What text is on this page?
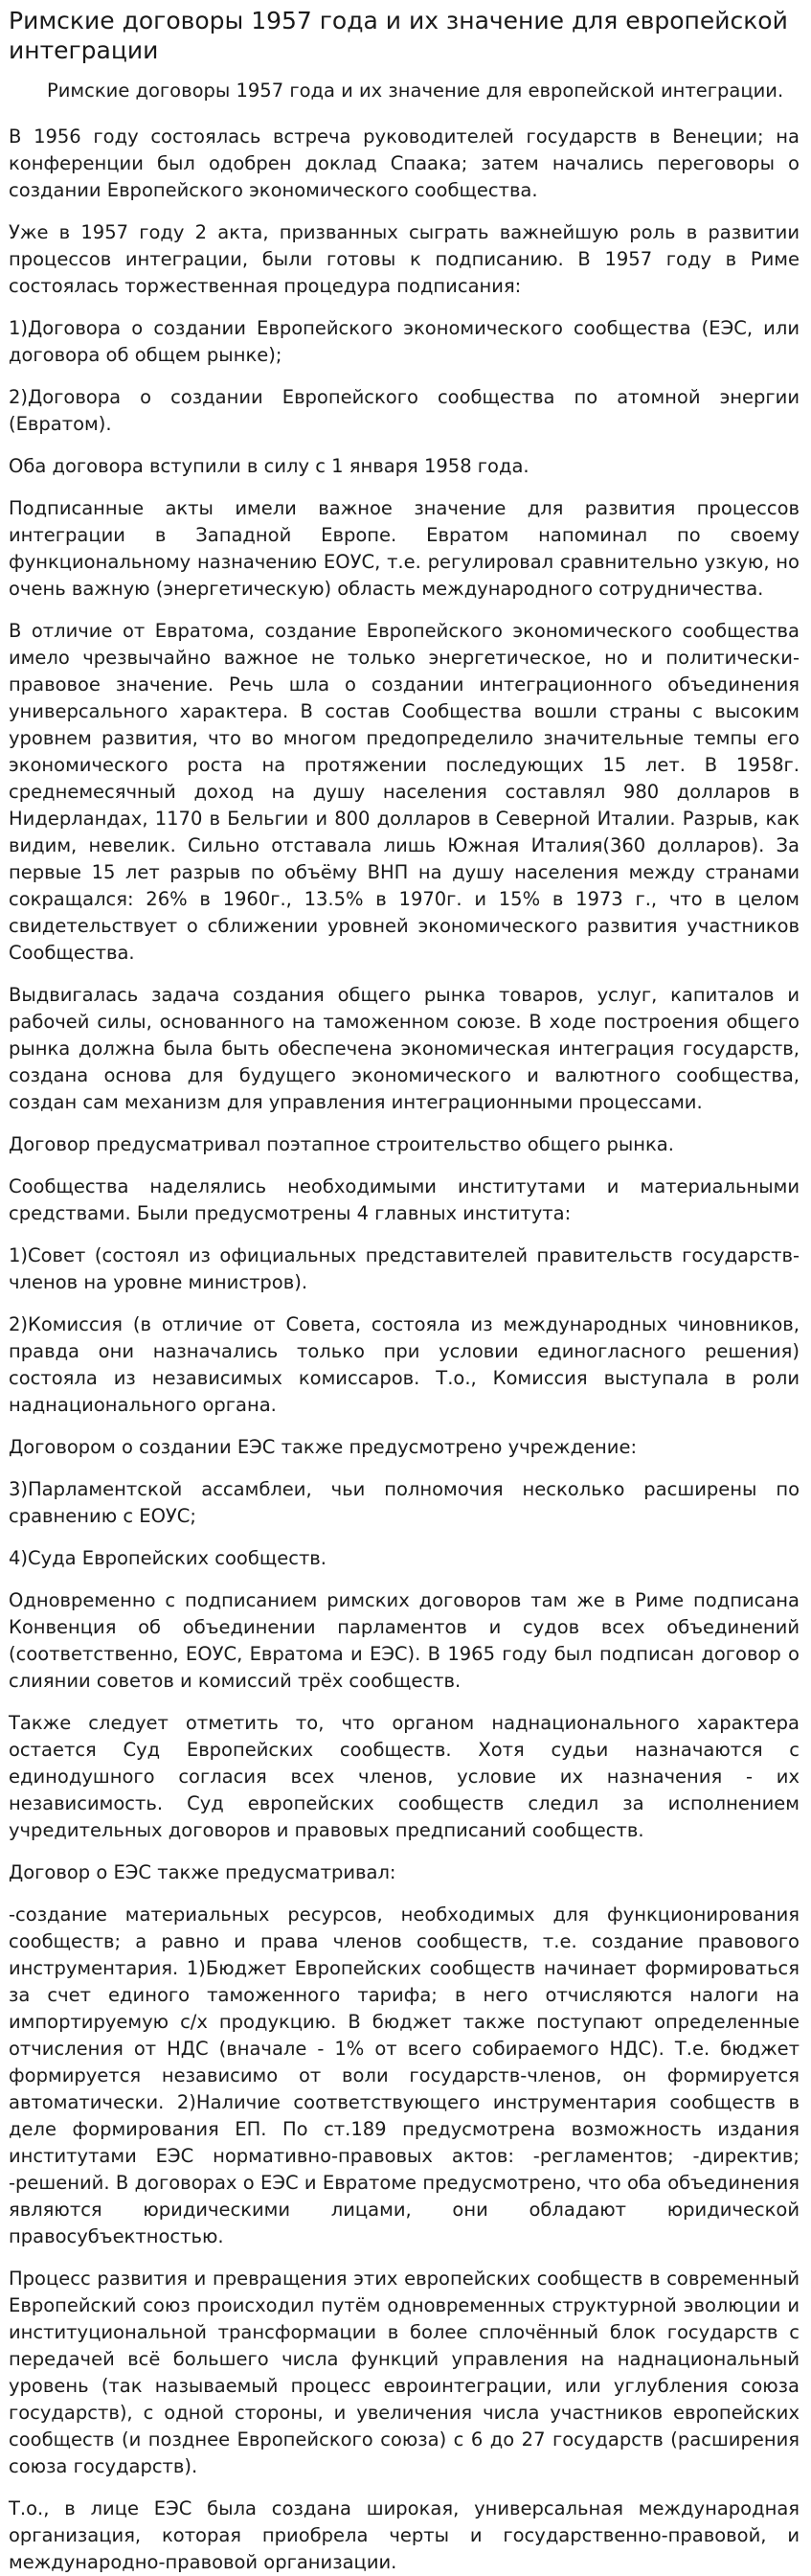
Римские договоры 1957 года и их значение для европейской интеграции

Римские договоры 1957 года и их значение для европейской интеграции.

В 1956 году состоялась встреча руководителей государств в Венеции; на конференции был одобрен доклад Спаака; затем начались переговоры о создании Европейского экономического сообщества.

Уже в 1957 году 2 акта, призванных сыграть важнейшую роль в развитии процессов интеграции, были готовы к подписанию. В 1957 году в Риме состоялась торжественная процедура подписания:

1)Договора о создании Европейского экономического сообщества (ЕЭС, или договора об общем рынке);

2)Договора о создании Европейского сообщества по атомной энергии (Евратом).

Оба договора вступили в силу с 1 января 1958 года.

Подписанные акты имели важное значение для развития процессов интеграции в Западной Европе. Евратом напоминал по своему функциональному назначению ЕОУС, т.е. регулировал сравнительно узкую, но очень важную (энергетическую) область международного сотрудничества.

В отличие от Евратома, создание Европейского экономического сообщества имело чрезвычайно важное не только энергетическое, но и политически-правовое значение. Речь шла о создании интеграционного объединения универсального характера. В состав Сообщества вошли страны с высоким уровнем развития, что во многом предопределило значительные темпы его экономического роста на протяжении последующих 15 лет. В 1958г. среднемесячный доход на душу населения составлял 980 долларов в Нидерландах, 1170 в Бельгии и 800 долларов в Северной Италии. Разрыв, как видим, невелик. Сильно отставала лишь Южная Италия(360 долларов). За первые 15 лет разрыв по объёму ВНП на душу населения между странами сокращался: 26% в 1960г., 13.5% в 1970г. и 15% в 1973 г., что в целом свидетельствует о сближении уровней экономического развития участников Сообщества.

Выдвигалась задача создания общего рынка товаров, услуг, капиталов и рабочей силы, основанного на таможенном союзе. В ходе построения общего рынка должна была быть обеспечена экономическая интеграция государств, создана основа для будущего экономического и валютного сообщества, создан сам механизм для управления интеграционными процессами.

Договор предусматривал поэтапное строительство общего рынка.

Сообщества наделялись необходимыми институтами и материальными средствами. Были предусмотрены 4 главных института:

1)Совет (состоял из официальных представителей правительств государств-членов на уровне министров).

2)Комиссия (в отличие от Совета, состояла из международных чиновников, правда они назначались только при условии единогласного решения) состояла из независимых комиссаров. Т.о., Комиссия выступала в роли наднационального органа.

Договором о создании ЕЭС также предусмотрено учреждение:

3)Парламентской ассамблеи, чьи полномочия несколько расширены по сравнению с ЕОУС;

4)Суда Европейских сообществ.

Одновременно с подписанием римских договоров там же в Риме подписана Конвенция об объединении парламентов и судов всех объединений (соответственно, ЕОУС, Евратома и ЕЭС). В 1965 году был подписан договор о слиянии советов и комиссий трёх сообществ.

Также следует отметить то, что органом наднационального характера остается Суд Европейских сообществ. Хотя судьи назначаются с единодушного согласия всех членов, условие их назначения - их независимость. Суд европейских сообществ следил за исполнением учредительных договоров и правовых предписаний сообществ.

Договор о ЕЭС также предусматривал:

-создание материальных ресурсов, необходимых для функционирования сообществ; а равно и права членов сообществ, т.е. создание правового инструментария. 1)Бюджет Европейских сообществ начинает формироваться за счет единого таможенного тарифа; в него отчисляются налоги на импортируемую с/х продукцию. В бюджет также поступают определенные отчисления от НДС (вначале - 1% от всего собираемого НДС). Т.е. бюджет формируется независимо от воли государств-членов, он формируется автоматически. 2)Наличие соответствующего инструментария сообществ в деле формирования ЕП. По ст.189 предусмотрена возможность издания институтами ЕЭС нормативно-правовых актов: -регламентов; -директив; -решений. В договорах о ЕЭС и Евратоме предусмотрено, что оба объединения являются юридическими лицами, они обладают юридической правосубъектностью.

Процесс развития и превращения этих европейских сообществ в современный Европейский союз происходил путём одновременных структурной эволюции и институциональной трансформации в более сплочённый блок государств с передачей всё большего числа функций управления на наднациональный уровень (так называемый процесс евроинтеграции, или углубления союза государств), с одной стороны, и увеличения числа участников европейских сообществ (и позднее Европейского союза) с 6 до 27 государств (расширения союза государств).

Т.о., в лице ЕЭС была создана широкая, универсальная международная организация, которая приобрела черты и государственно-правовой, и международно-правовой организации.
